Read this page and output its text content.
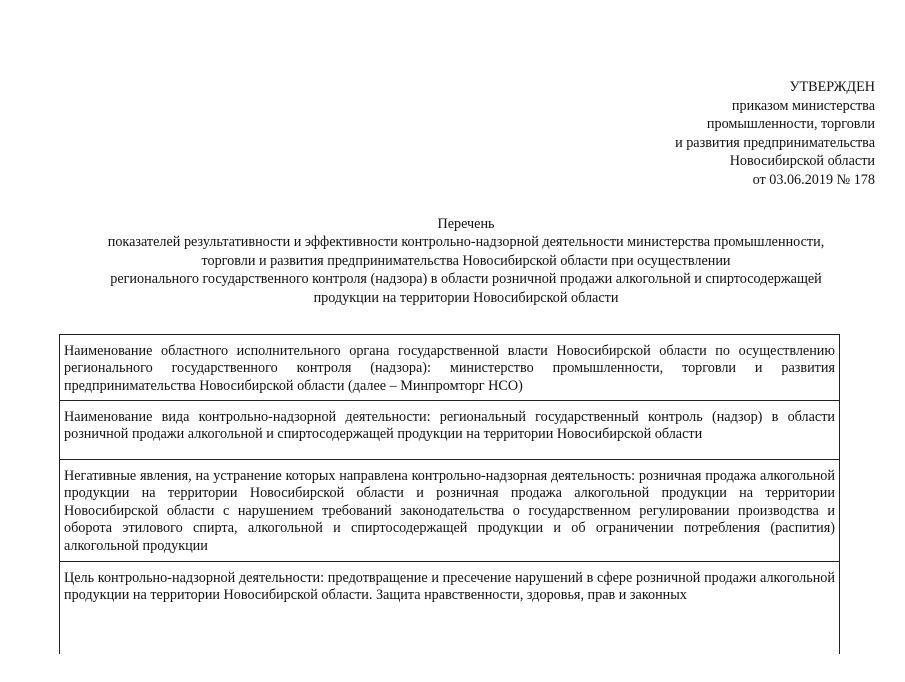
УТВЕРЖДЕН
приказом министерства
промышленности, торговли
и развития предпринимательства
Новосибирской области
от 03.06.2019 № 178
Перечень
показателей результативности и эффективности контрольно-надзорной деятельности министерства промышленности,
торговли и развития предпринимательства Новосибирской области при осуществлении
регионального государственного контроля (надзора) в области розничной продажи алкогольной и спиртосодержащей
продукции на территории Новосибирской области
Наименование областного исполнительного органа государственной власти Новосибирской области по осуществлению регионального государственного контроля (надзора): министерство промышленности, торговли и развития предпринимательства Новосибирской области (далее – Минпромторг НСО)
Наименование вида контрольно-надзорной деятельности: региональный государственный контроль (надзор) в области розничной продажи алкогольной и спиртосодержащей продукции на территории Новосибирской области
Негативные явления, на устранение которых направлена контрольно-надзорная деятельность: розничная продажа алкогольной продукции на территории Новосибирской области и розничная продажа алкогольной продукции на территории Новосибирской области с нарушением требований законодательства о государственном регулировании производства и оборота этилового спирта, алкогольной и спиртосодержащей продукции и об ограничении потребления (распития) алкогольной продукции
Цель контрольно-надзорной деятельности: предотвращение и пресечение нарушений в сфере розничной продажи алкогольной продукции на территории Новосибирской области. Защита нравственности, здоровья, прав и законных
